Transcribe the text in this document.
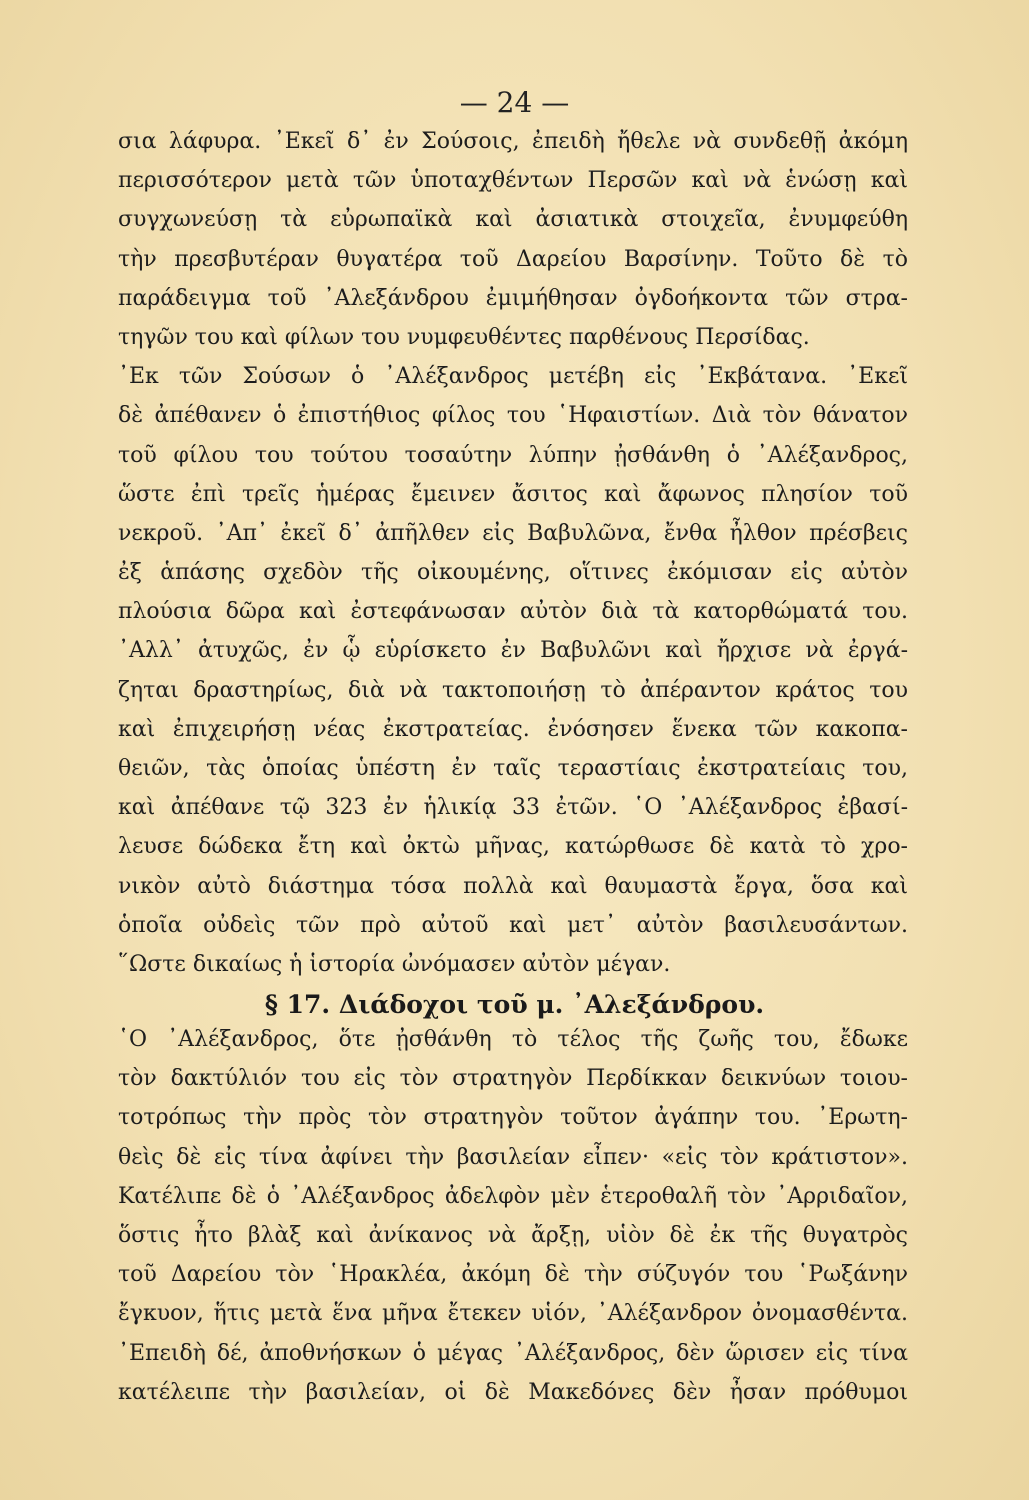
— 24 —
σια λάφυρα. ᾽Εκεῖ δ᾽ ἐν Σούσοις, ἐπειδὴ ἤθελε νὰ συνδεθῇ ἀκόμη
περισσότερον μετὰ τῶν ὑποταχθέντων Περσῶν καὶ νὰ ἑνώσῃ καὶ
συγχωνεύσῃ τὰ εὐρωπαϊκὰ καὶ ἀσιατικὰ στοιχεῖα, ἐνυμφεύθη
τὴν πρεσβυτέραν θυγατέρα τοῦ Δαρείου Βαρσίνην. Τοῦτο δὲ τὸ
παράδειγμα τοῦ ᾽Αλεξάνδρου ἐμιμήθησαν ὀγδοήκοντα τῶν στρα-
τηγῶν του καὶ φίλων του νυμφευθέντες παρθένους Περσίδας.
᾽Εκ τῶν Σούσων ὁ ᾽Αλέξανδρος μετέβη εἰς ᾽Εκβάτανα. ᾽Εκεῖ
δὲ ἀπέθανεν ὁ ἐπιστήθιος φίλος του ῾Ηφαιστίων. Διὰ τὸν θάνατον
τοῦ φίλου του τούτου τοσαύτην λύπην ᾐσθάνθη ὁ ᾽Αλέξανδρος,
ὥστε ἐπὶ τρεῖς ἡμέρας ἔμεινεν ἄσιτος καὶ ἄφωνος πλησίον τοῦ
νεκροῦ. ᾽Απ᾽ ἐκεῖ δ᾽ ἀπῆλθεν εἰς Βαβυλῶνα, ἔνθα ἦλθον πρέσβεις
ἐξ ἁπάσης σχεδὸν τῆς οἰκουμένης, οἵτινες ἐκόμισαν εἰς αὐτὸν
πλούσια δῶρα καὶ ἐστεφάνωσαν αὐτὸν διὰ τὰ κατορθώματά του.
᾽Αλλ᾽ ἀτυχῶς, ἐν ᾧ εὑρίσκετο ἐν Βαβυλῶνι καὶ ἤρχισε νὰ ἐργά-
ζηται δραστηρίως, διὰ νὰ τακτοποιήσῃ τὸ ἀπέραντον κράτος του
καὶ ἐπιχειρήσῃ νέας ἐκστρατείας. ἐνόσησεν ἕνεκα τῶν κακοπα-
θειῶν, τὰς ὁποίας ὑπέστη ἐν ταῖς τεραστίαις ἐκστρατείαις του,
καὶ ἀπέθανε τῷ 323 ἐν ἡλικίᾳ 33 ἐτῶν. ῾Ο ᾽Αλέξανδρος ἐβασί-
λευσε δώδεκα ἔτη καὶ ὀκτὼ μῆνας, κατώρθωσε δὲ κατὰ τὸ χρο-
νικὸν αὐτὸ διάστημα τόσα πολλὰ καὶ θαυμαστὰ ἔργα, ὅσα καὶ
ὁποῖα οὐδεὶς τῶν πρὸ αὐτοῦ καὶ μετ᾽ αὐτὸν βασιλευσάντων.
῞Ωστε δικαίως ἡ ἱστορία ὠνόμασεν αὐτὸν μέγαν.
§ 17. Διάδοχοι τοῦ μ. ᾽Αλεξάνδρου.
῾Ο ᾽Αλέξανδρος, ὅτε ᾐσθάνθη τὸ τέλος τῆς ζωῆς του, ἔδωκε
τὸν δακτύλιόν του εἰς τὸν στρατηγὸν Περδίκκαν δεικνύων τοιου-
τοτρόπως τὴν πρὸς τὸν στρατηγὸν τοῦτον ἀγάπην του. ᾽Ερωτη-
θεὶς δὲ εἰς τίνα ἀφίνει τὴν βασιλείαν εἶπεν· «εἰς τὸν κράτιστον».
Κατέλιπε δὲ ὁ ᾽Αλέξανδρος ἀδελφὸν μὲν ἑτεροθαλῆ τὸν ᾽Αρριδαῖον,
ὅστις ἦτο βλὰξ καὶ ἀνίκανος νὰ ἄρξῃ, υἱὸν δὲ ἐκ τῆς θυγατρὸς
τοῦ Δαρείου τὸν ῾Ηρακλέα, ἀκόμη δὲ τὴν σύζυγόν του ῾Ρωξάνην
ἔγκυον, ἥτις μετὰ ἕνα μῆνα ἔτεκεν υἱόν, ᾽Αλέξανδρον ὀνομασθέντα.
᾽Επειδὴ δέ, ἀποθνήσκων ὁ μέγας ᾽Αλέξανδρος, δὲν ὥρισεν εἰς τίνα
κατέλειπε τὴν βασιλείαν, οἱ δὲ Μακεδόνες δὲν ἦσαν πρόθυμοι
